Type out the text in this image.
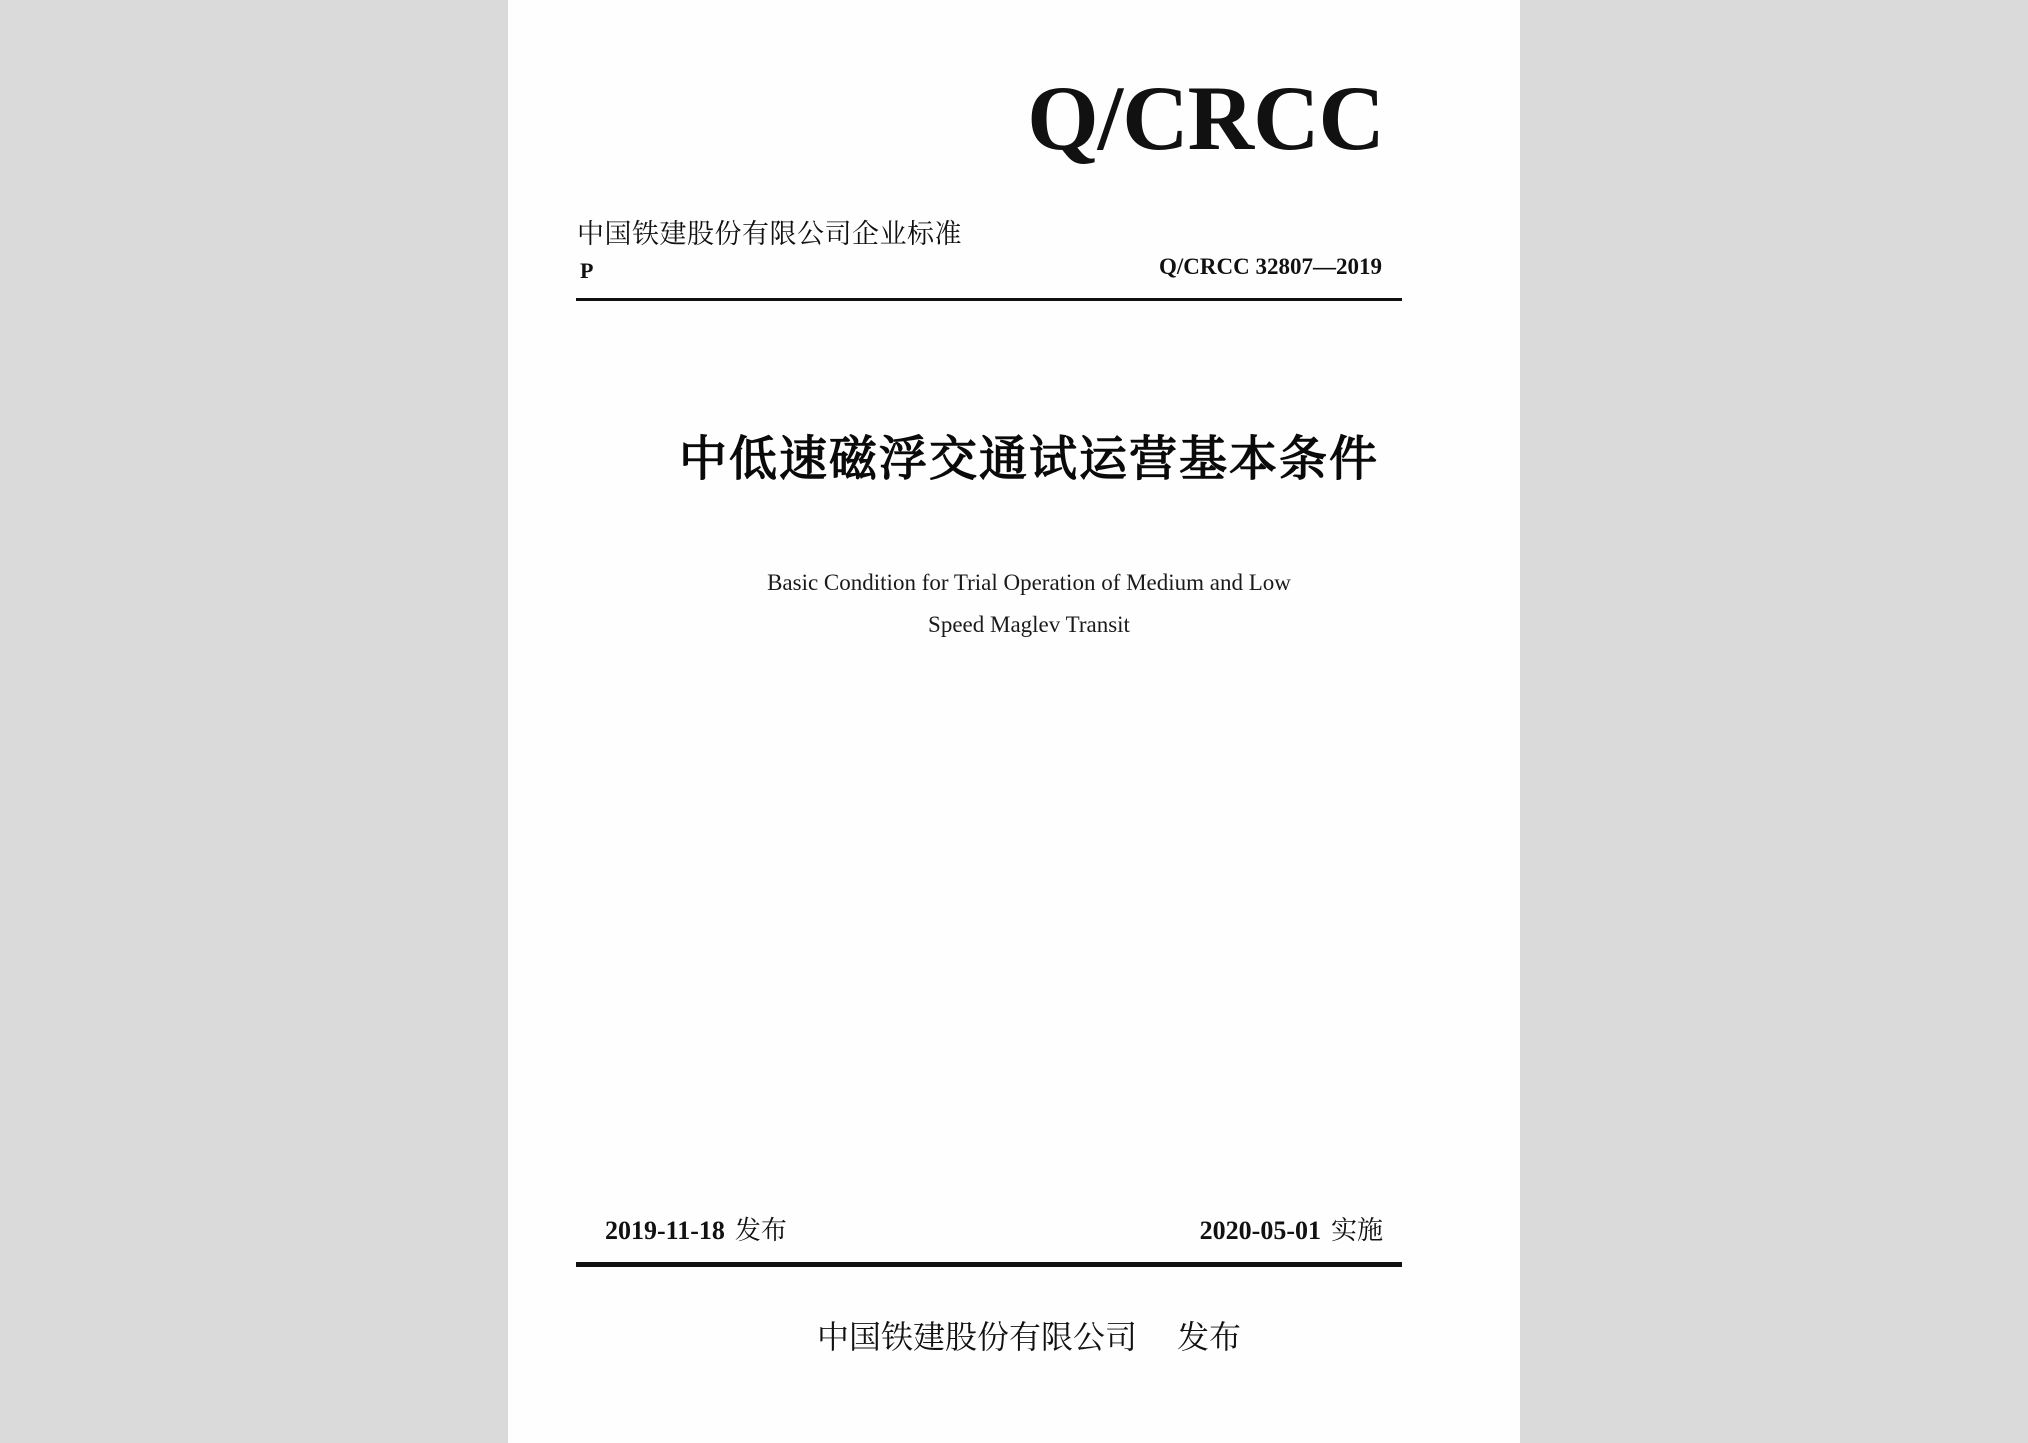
Q/CRCC
中国铁建股份有限公司企业标准
P	Q/CRCC 32807—2019
中低速磁浮交通试运营基本条件
Basic Condition for Trial Operation of Medium and Low
Speed Maglev Transit
2019-11-18 发布	2020-05-01 实施
中国铁建股份有限公司 发布
